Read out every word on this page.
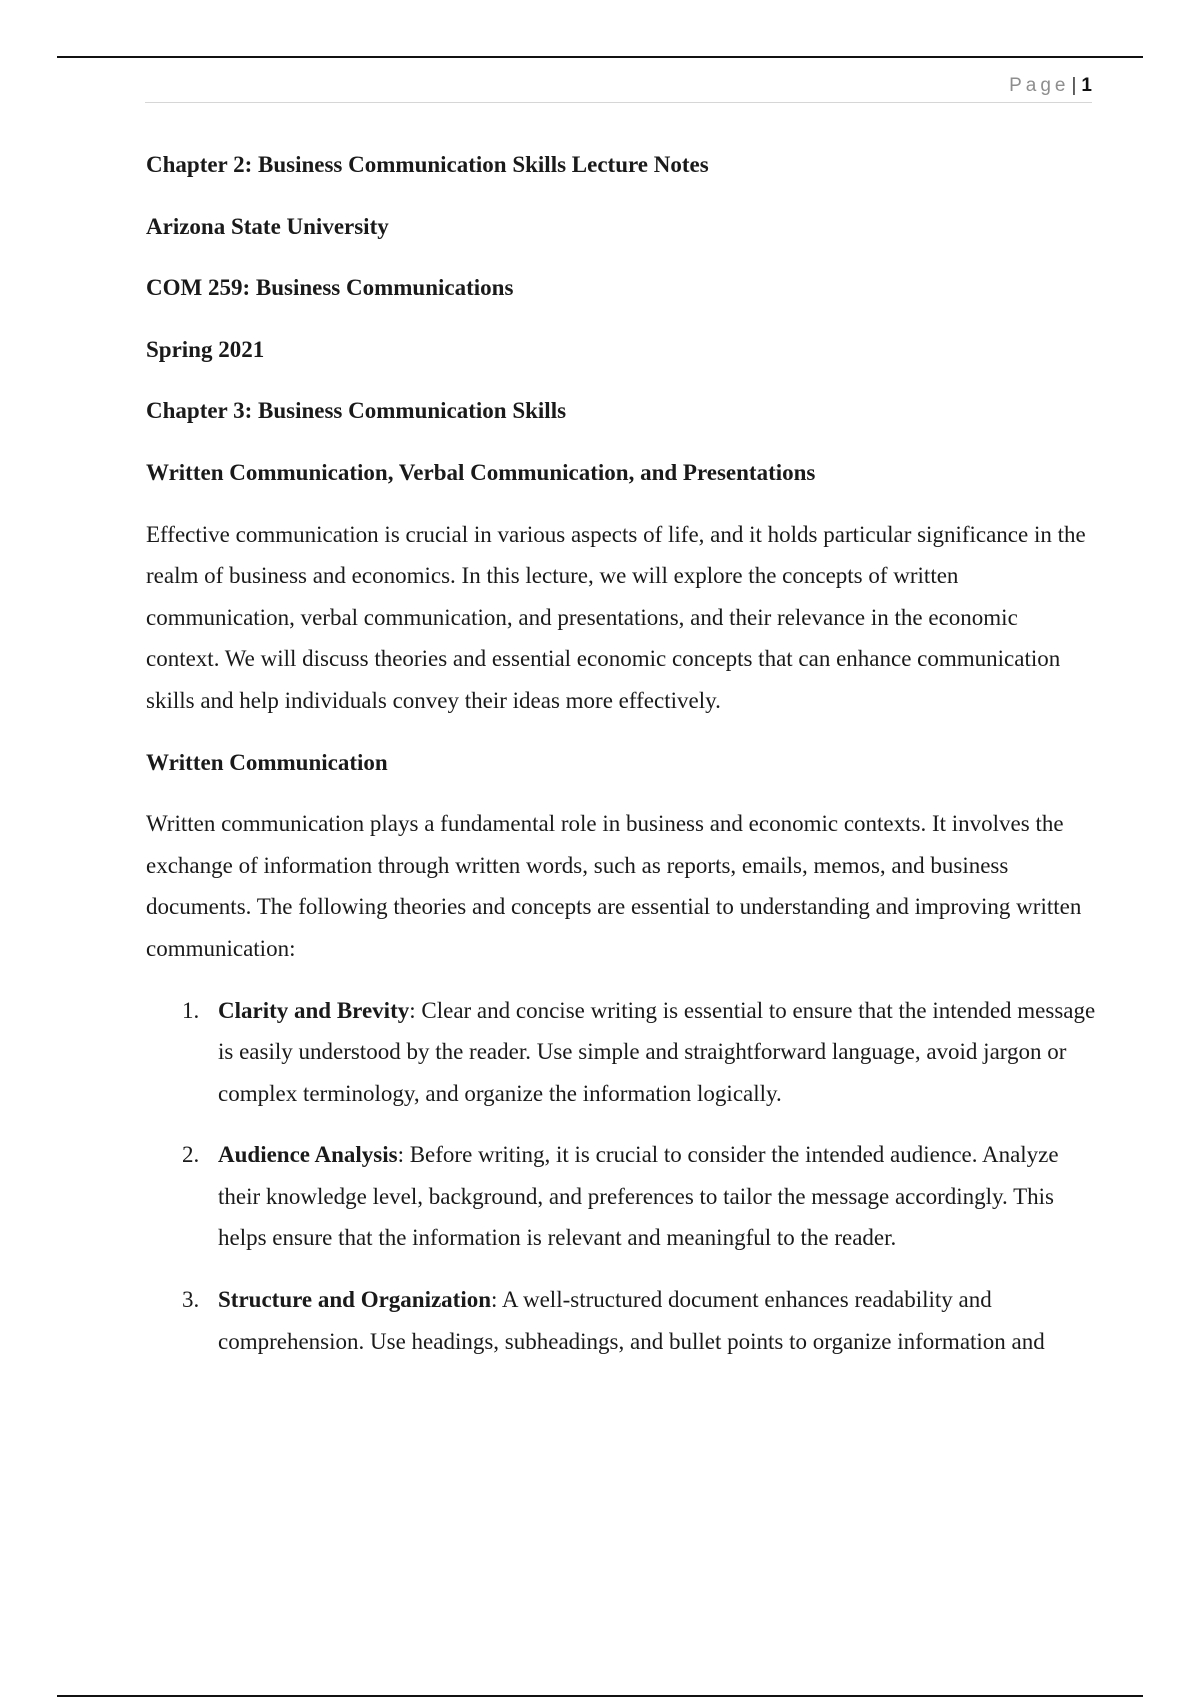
Page | 1

Chapter 2: Business Communication Skills Lecture Notes

Arizona State University

COM 259: Business Communications

Spring 2021

Chapter 3: Business Communication Skills

Written Communication, Verbal Communication, and Presentations

Effective communication is crucial in various aspects of life, and it holds particular significance in the realm of business and economics. In this lecture, we will explore the concepts of written communication, verbal communication, and presentations, and their relevance in the economic context. We will discuss theories and essential economic concepts that can enhance communication skills and help individuals convey their ideas more effectively.

Written Communication

Written communication plays a fundamental role in business and economic contexts. It involves the exchange of information through written words, such as reports, emails, memos, and business documents. The following theories and concepts are essential to understanding and improving written communication:

1. Clarity and Brevity: Clear and concise writing is essential to ensure that the intended message is easily understood by the reader. Use simple and straightforward language, avoid jargon or complex terminology, and organize the information logically.
2. Audience Analysis: Before writing, it is crucial to consider the intended audience. Analyze their knowledge level, background, and preferences to tailor the message accordingly. This helps ensure that the information is relevant and meaningful to the reader.
3. Structure and Organization: A well-structured document enhances readability and comprehension. Use headings, subheadings, and bullet points to organize information and
